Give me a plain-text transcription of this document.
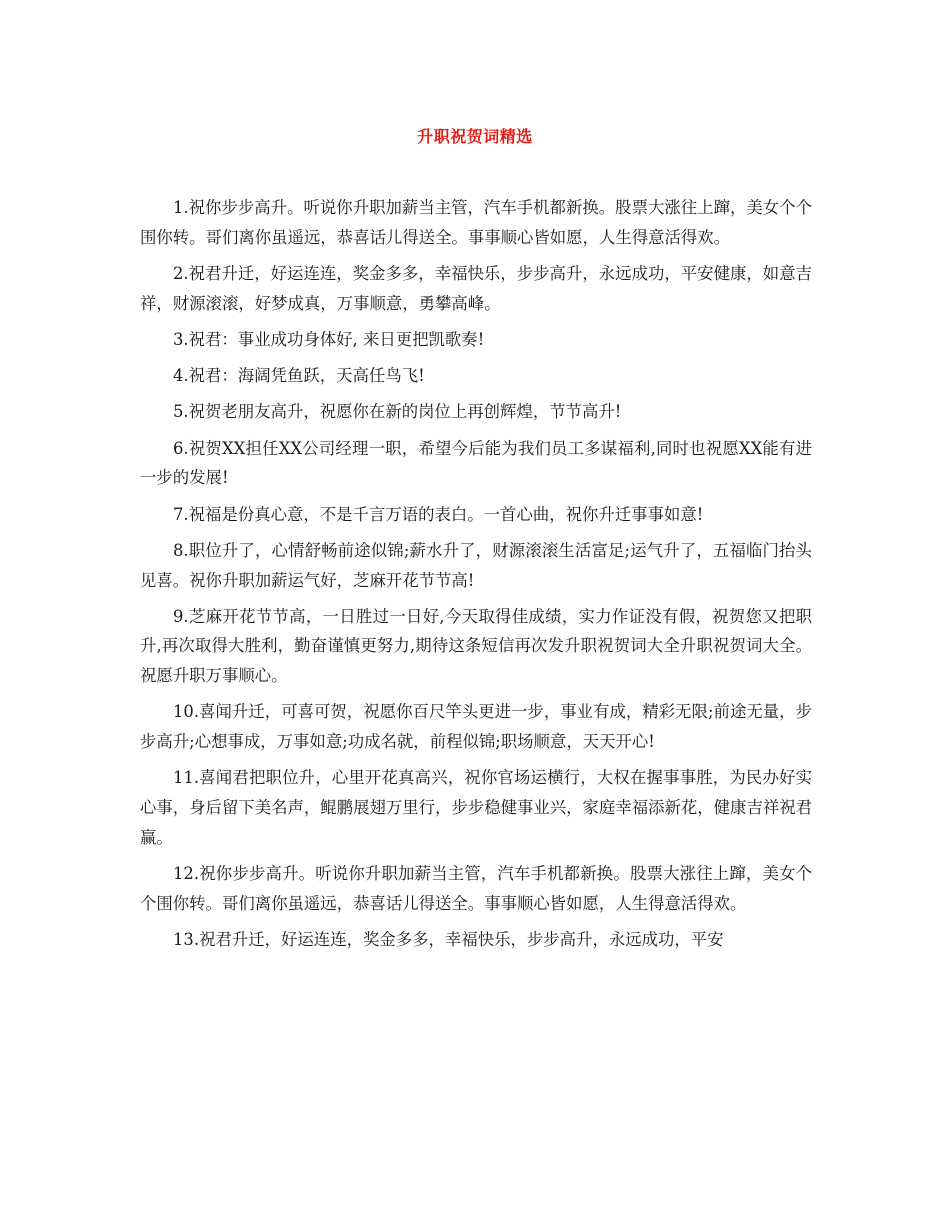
升职祝贺词精选

1.祝你步步高升。听说你升职加薪当主管，汽车手机都新换。股票大涨往上蹿，美女个个围你转。哥们离你虽遥远，恭喜话儿得送全。事事顺心皆如愿，人生得意活得欢。

2.祝君升迁，好运连连，奖金多多，幸福快乐，步步高升，永远成功，平安健康，如意吉祥，财源滚滚，好梦成真，万事顺意，勇攀高峰。

3.祝君：事业成功身体好, 来日更把凯歌奏!

4.祝君：海阔凭鱼跃，天高任鸟飞!

5.祝贺老朋友高升，祝愿你在新的岗位上再创辉煌，节节高升!

6.祝贺XX担任XX公司经理一职，希望今后能为我们员工多谋福利,同时也祝愿XX能有进一步的发展!

7.祝福是份真心意，不是千言万语的表白。一首心曲，祝你升迁事事如意!

8.职位升了，心情舒畅前途似锦;薪水升了，财源滚滚生活富足;运气升了，五福临门抬头见喜。祝你升职加薪运气好，芝麻开花节节高!

9.芝麻开花节节高，一日胜过一日好,今天取得佳成绩，实力作证没有假，祝贺您又把职升,再次取得大胜利，勤奋谨慎更努力,期待这条短信再次发升职祝贺词大全升职祝贺词大全。祝愿升职万事顺心。

10.喜闻升迁，可喜可贺，祝愿你百尺竿头更进一步，事业有成，精彩无限;前途无量，步步高升;心想事成，万事如意;功成名就，前程似锦;职场顺意，天天开心!

11.喜闻君把职位升，心里开花真高兴，祝你官场运横行，大权在握事事胜，为民办好实心事，身后留下美名声，鲲鹏展翅万里行，步步稳健事业兴，家庭幸福添新花，健康吉祥祝君赢。

12.祝你步步高升。听说你升职加薪当主管，汽车手机都新换。股票大涨往上蹿，美女个个围你转。哥们离你虽遥远，恭喜话儿得送全。事事顺心皆如愿，人生得意活得欢。

13.祝君升迁，好运连连，奖金多多，幸福快乐，步步高升，永远成功，平安
